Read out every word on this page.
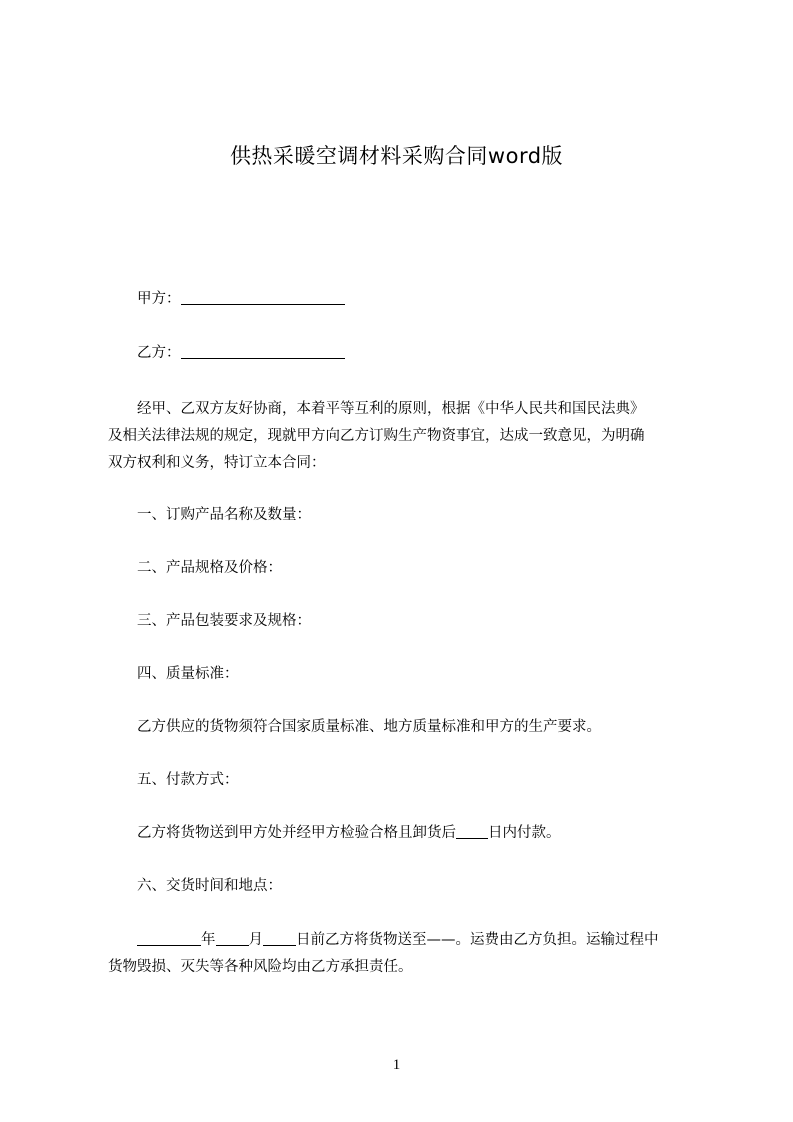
供热采暖空调材料采购合同word版
甲方：
乙方：
经甲、乙双方友好协商，本着平等互利的原则，根据《中华人民共和国民法典》
及相关法律法规的规定，现就甲方向乙方订购生产物资事宜，达成一致意见，为明确
双方权利和义务，特订立本合同：
一、订购产品名称及数量：
二、产品规格及价格：
三、产品包装要求及规格：
四、质量标准：
乙方供应的货物须符合国家质量标准、地方质量标准和甲方的生产要求。
五、付款方式：
乙方将货物送到甲方处并经甲方检验合格且卸货后 日内付款。
六、交货时间和地点：
年 月 日前乙方将货物送至——。运费由乙方负担。运输过程中
货物毁损、灭失等各种风险均由乙方承担责任。
1
